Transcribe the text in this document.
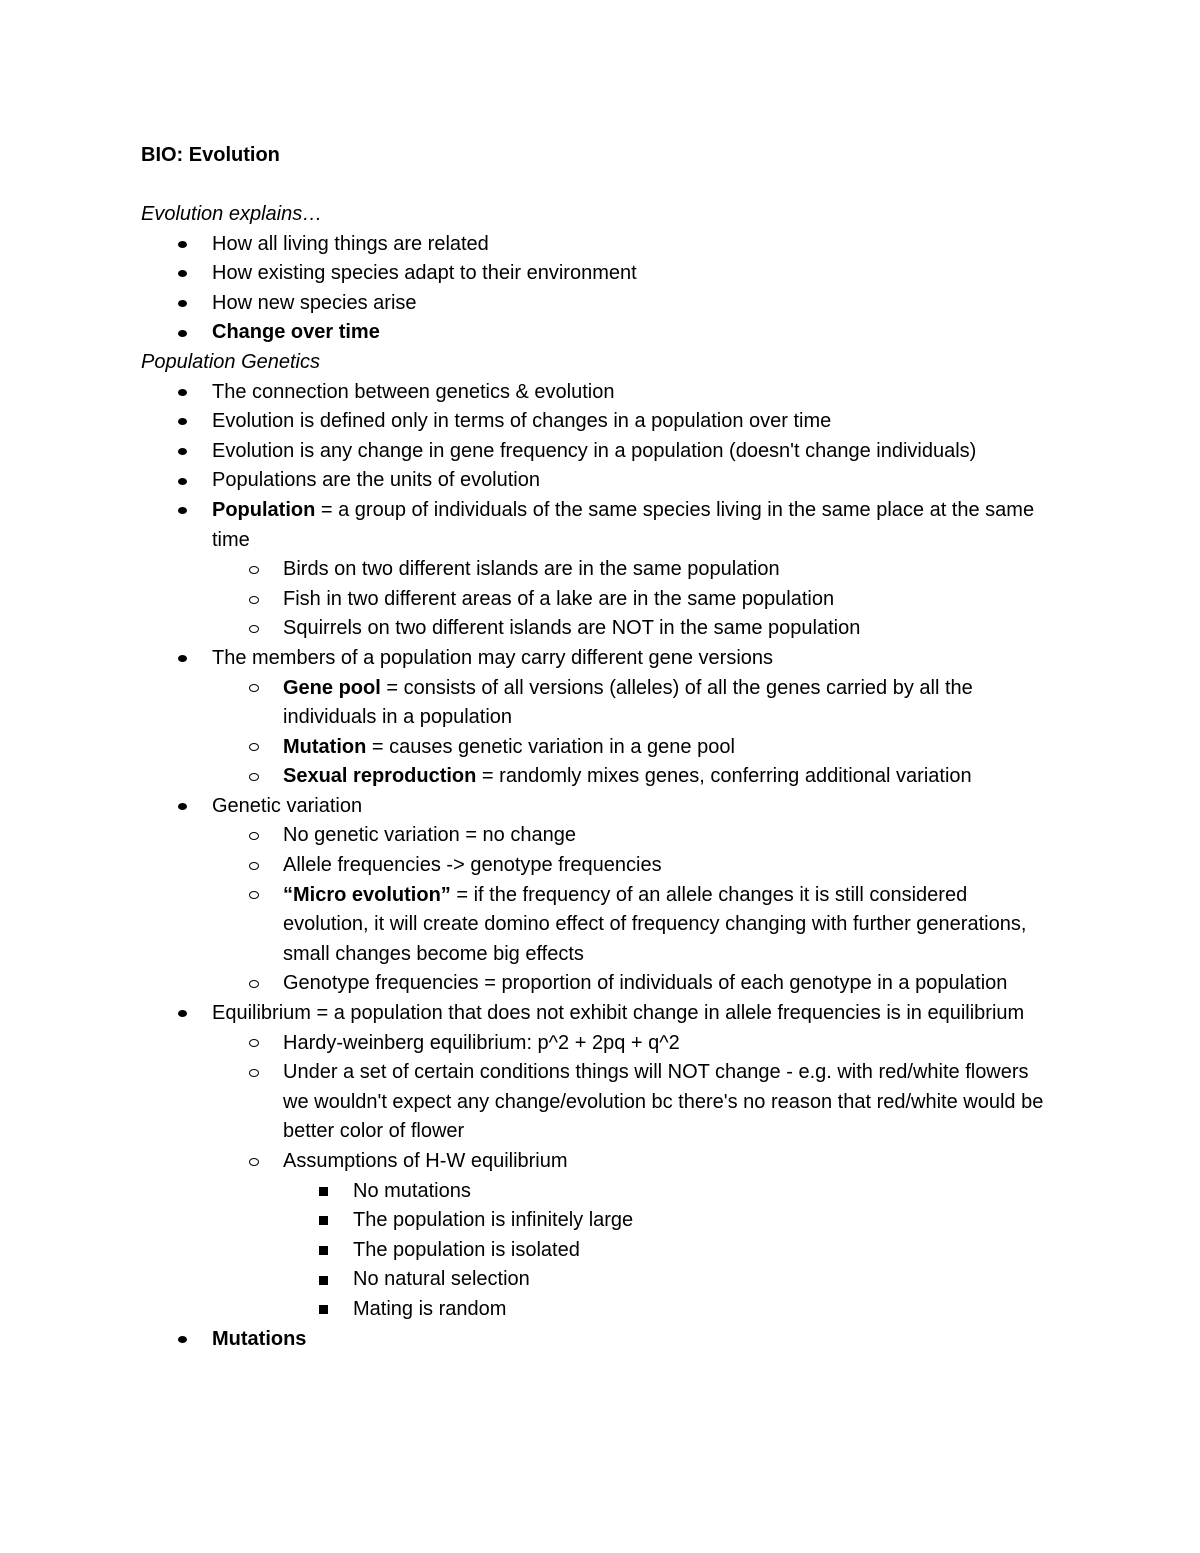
BIO: Evolution
Evolution explains…
How all living things are related
How existing species adapt to their environment
How new species arise
Change over time
Population Genetics
The connection between genetics & evolution
Evolution is defined only in terms of changes in a population over time
Evolution is any change in gene frequency in a population (doesn't change individuals)
Populations are the units of evolution
Population = a group of individuals of the same species living in the same place at the same time
Birds on two different islands are in the same population
Fish in two different areas of a lake are in the same population
Squirrels on two different islands are NOT in the same population
The members of a population may carry different gene versions
Gene pool = consists of all versions (alleles) of all the genes carried by all the individuals in a population
Mutation = causes genetic variation in a gene pool
Sexual reproduction = randomly mixes genes, conferring additional variation
Genetic variation
No genetic variation = no change
Allele frequencies -> genotype frequencies
“Micro evolution” = if the frequency of an allele changes it is still considered evolution, it will create domino effect of frequency changing with further generations, small changes become big effects
Genotype frequencies = proportion of individuals of each genotype in a population
Equilibrium = a population that does not exhibit change in allele frequencies is in equilibrium
Hardy-weinberg equilibrium: p^2 + 2pq + q^2
Under a set of certain conditions things will NOT change - e.g. with red/white flowers we wouldn't expect any change/evolution bc there's no reason that red/white would be better color of flower
Assumptions of H-W equilibrium
No mutations
The population is infinitely large
The population is isolated
No natural selection
Mating is random
Mutations
